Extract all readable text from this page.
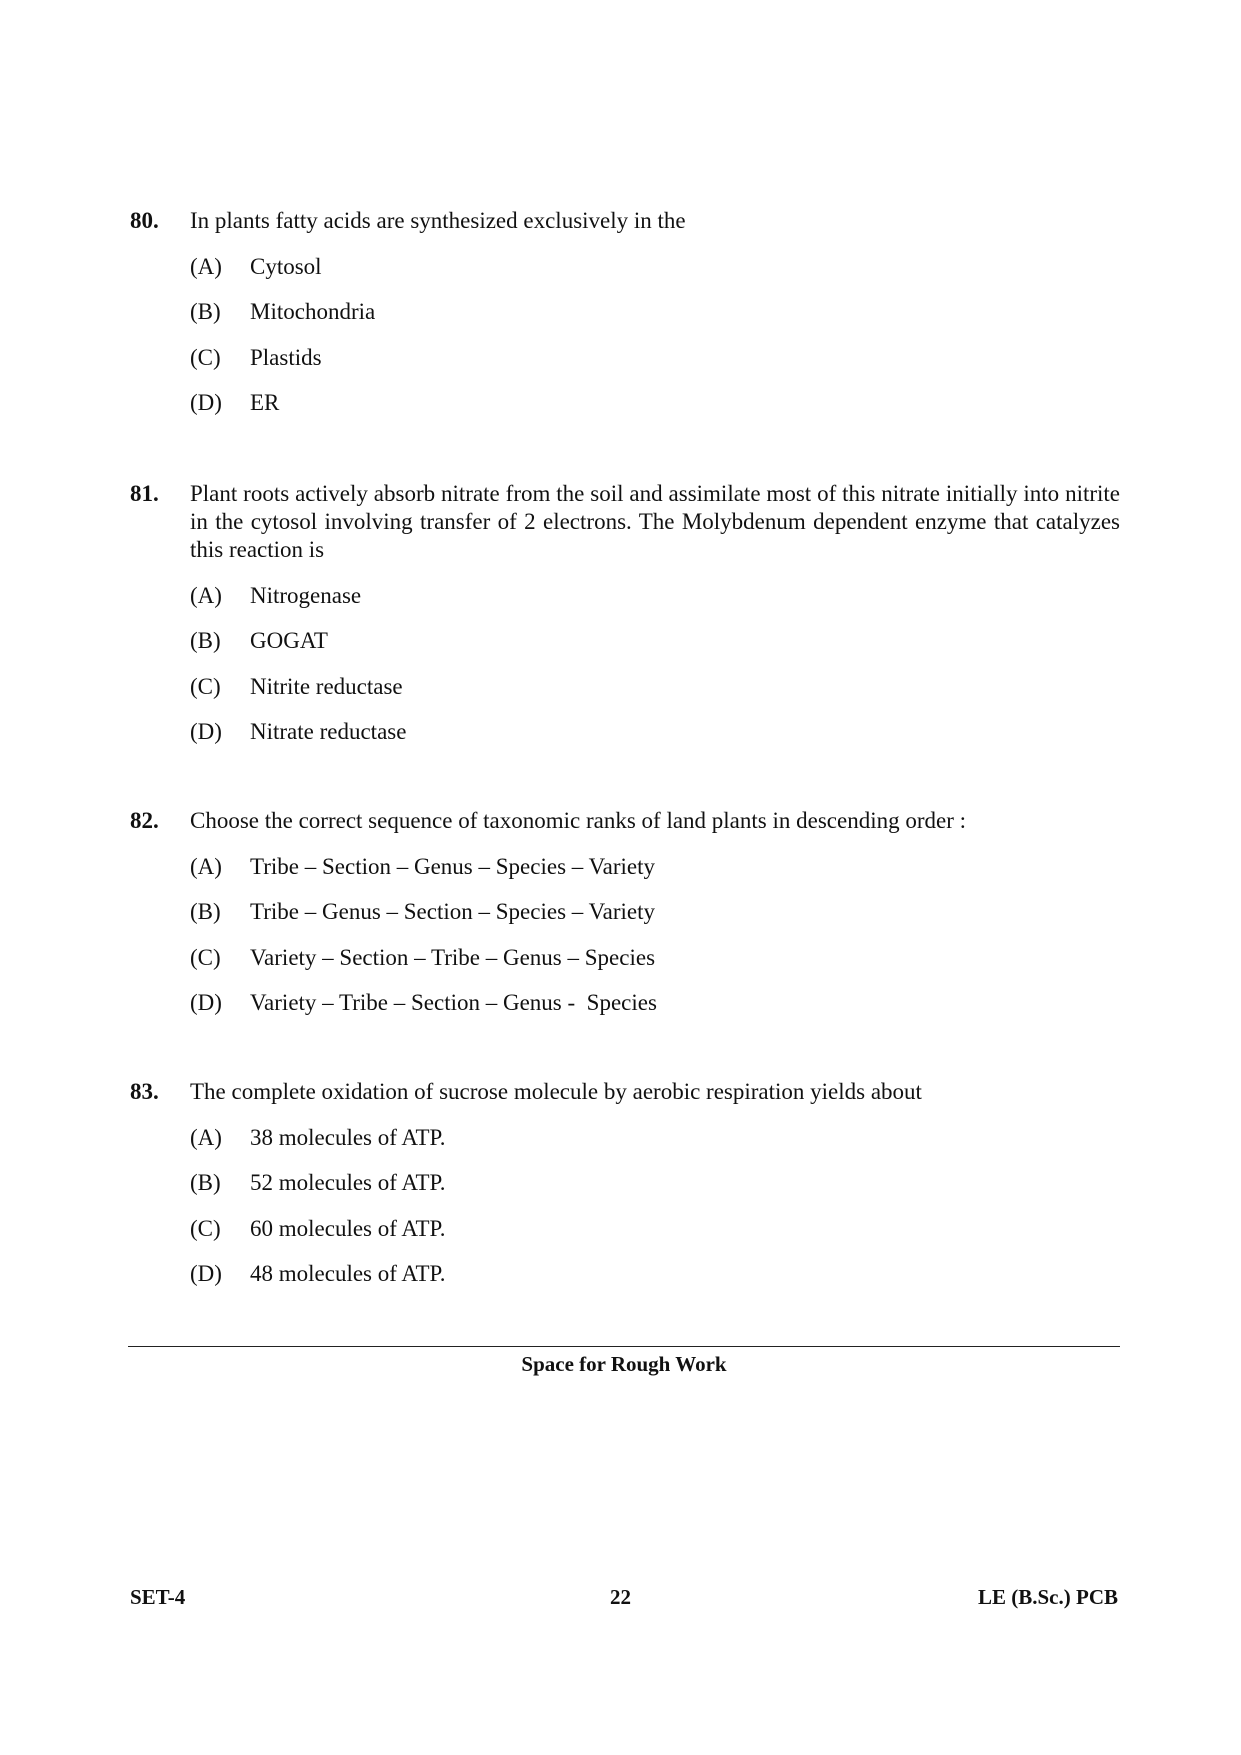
80.	In plants fatty acids are synthesized exclusively in the
(A)	Cytosol
(B)	Mitochondria
(C)	Plastids
(D)	ER
81.	Plant roots actively absorb nitrate from the soil and assimilate most of this nitrate initially into nitrite in the cytosol involving transfer of 2 electrons. The Molybdenum dependent enzyme that catalyzes this reaction is
(A)	Nitrogenase
(B)	GOGAT
(C)	Nitrite reductase
(D)	Nitrate reductase
82.	Choose the correct sequence of taxonomic ranks of land plants in descending order :
(A)	Tribe – Section – Genus – Species – Variety
(B)	Tribe – Genus – Section – Species – Variety
(C)	Variety – Section – Tribe – Genus – Species
(D)	Variety – Tribe – Section – Genus -  Species
83.	The complete oxidation of sucrose molecule by aerobic respiration yields about
(A)	38 molecules of ATP.
(B)	52 molecules of ATP.
(C)	60 molecules of ATP.
(D)	48 molecules of ATP.
Space for Rough Work
22
SET-4	LE (B.Sc.) PCB
